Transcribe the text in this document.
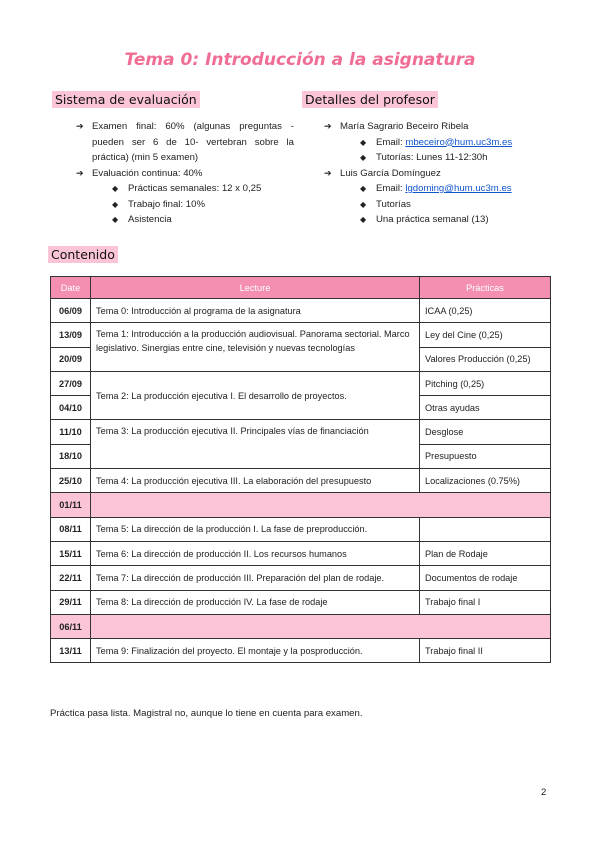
Tema 0: Introducción a la asignatura
Sistema de evaluación
➔ Examen final: 60% (algunas preguntas -pueden ser 6 de 10- vertebran sobre la práctica) (min 5 examen)
➔ Evaluación continua: 40%
◆ Prácticas semanales: 12 x 0,25
◆ Trabajo final: 10%
◆ Asistencia
Detalles del profesor
➔ María Sagrario Beceiro Ribela
◆ Email: mbeceiro@hum.uc3m.es
◆ Tutorías: Lunes 11-12:30h
➔ Luis García Domínguez
◆ Email: lgdoming@hum.uc3m.es
◆ Tutorías
◆ Una práctica semanal (13)
Contenido
Date	Lecture	Prácticas
06/09	Tema 0: Introducción al programa de la asignatura	ICAA (0,25)
13/09	Tema 1: Introducción a la producción audiovisual. Panorama sectorial. Marco legislativo. Sinergias entre cine, televisión y nuevas tecnologías	Ley del Cine (0,25)
20/09		Valores Producción (0,25)
27/09	Tema 2: La producción ejecutiva I. El desarrollo de proyectos.	Pitching (0,25)
04/10		Otras ayudas
11/10	Tema 3: La producción ejecutiva II. Principales vías de financiación	Desglose
18/10		Presupuesto
25/10	Tema 4: La producción ejecutiva III. La elaboración del presupuesto	Localizaciones (0.75%)
01/11		
08/11	Tema 5: La dirección de la producción I. La fase de preproducción.	
15/11	Tema 6: La dirección de producción II. Los recursos humanos	Plan de Rodaje
22/11	Tema 7: La dirección de producción III. Preparación del plan de rodaje.	Documentos de rodaje
29/11	Tema 8: La dirección de producción IV. La fase de rodaje	Trabajo final I
06/11		
13/11	Tema 9: Finalización del proyecto. El montaje y la posproducción.	Trabajo final II
Práctica pasa lista. Magistral no, aunque lo tiene en cuenta para examen.
2
